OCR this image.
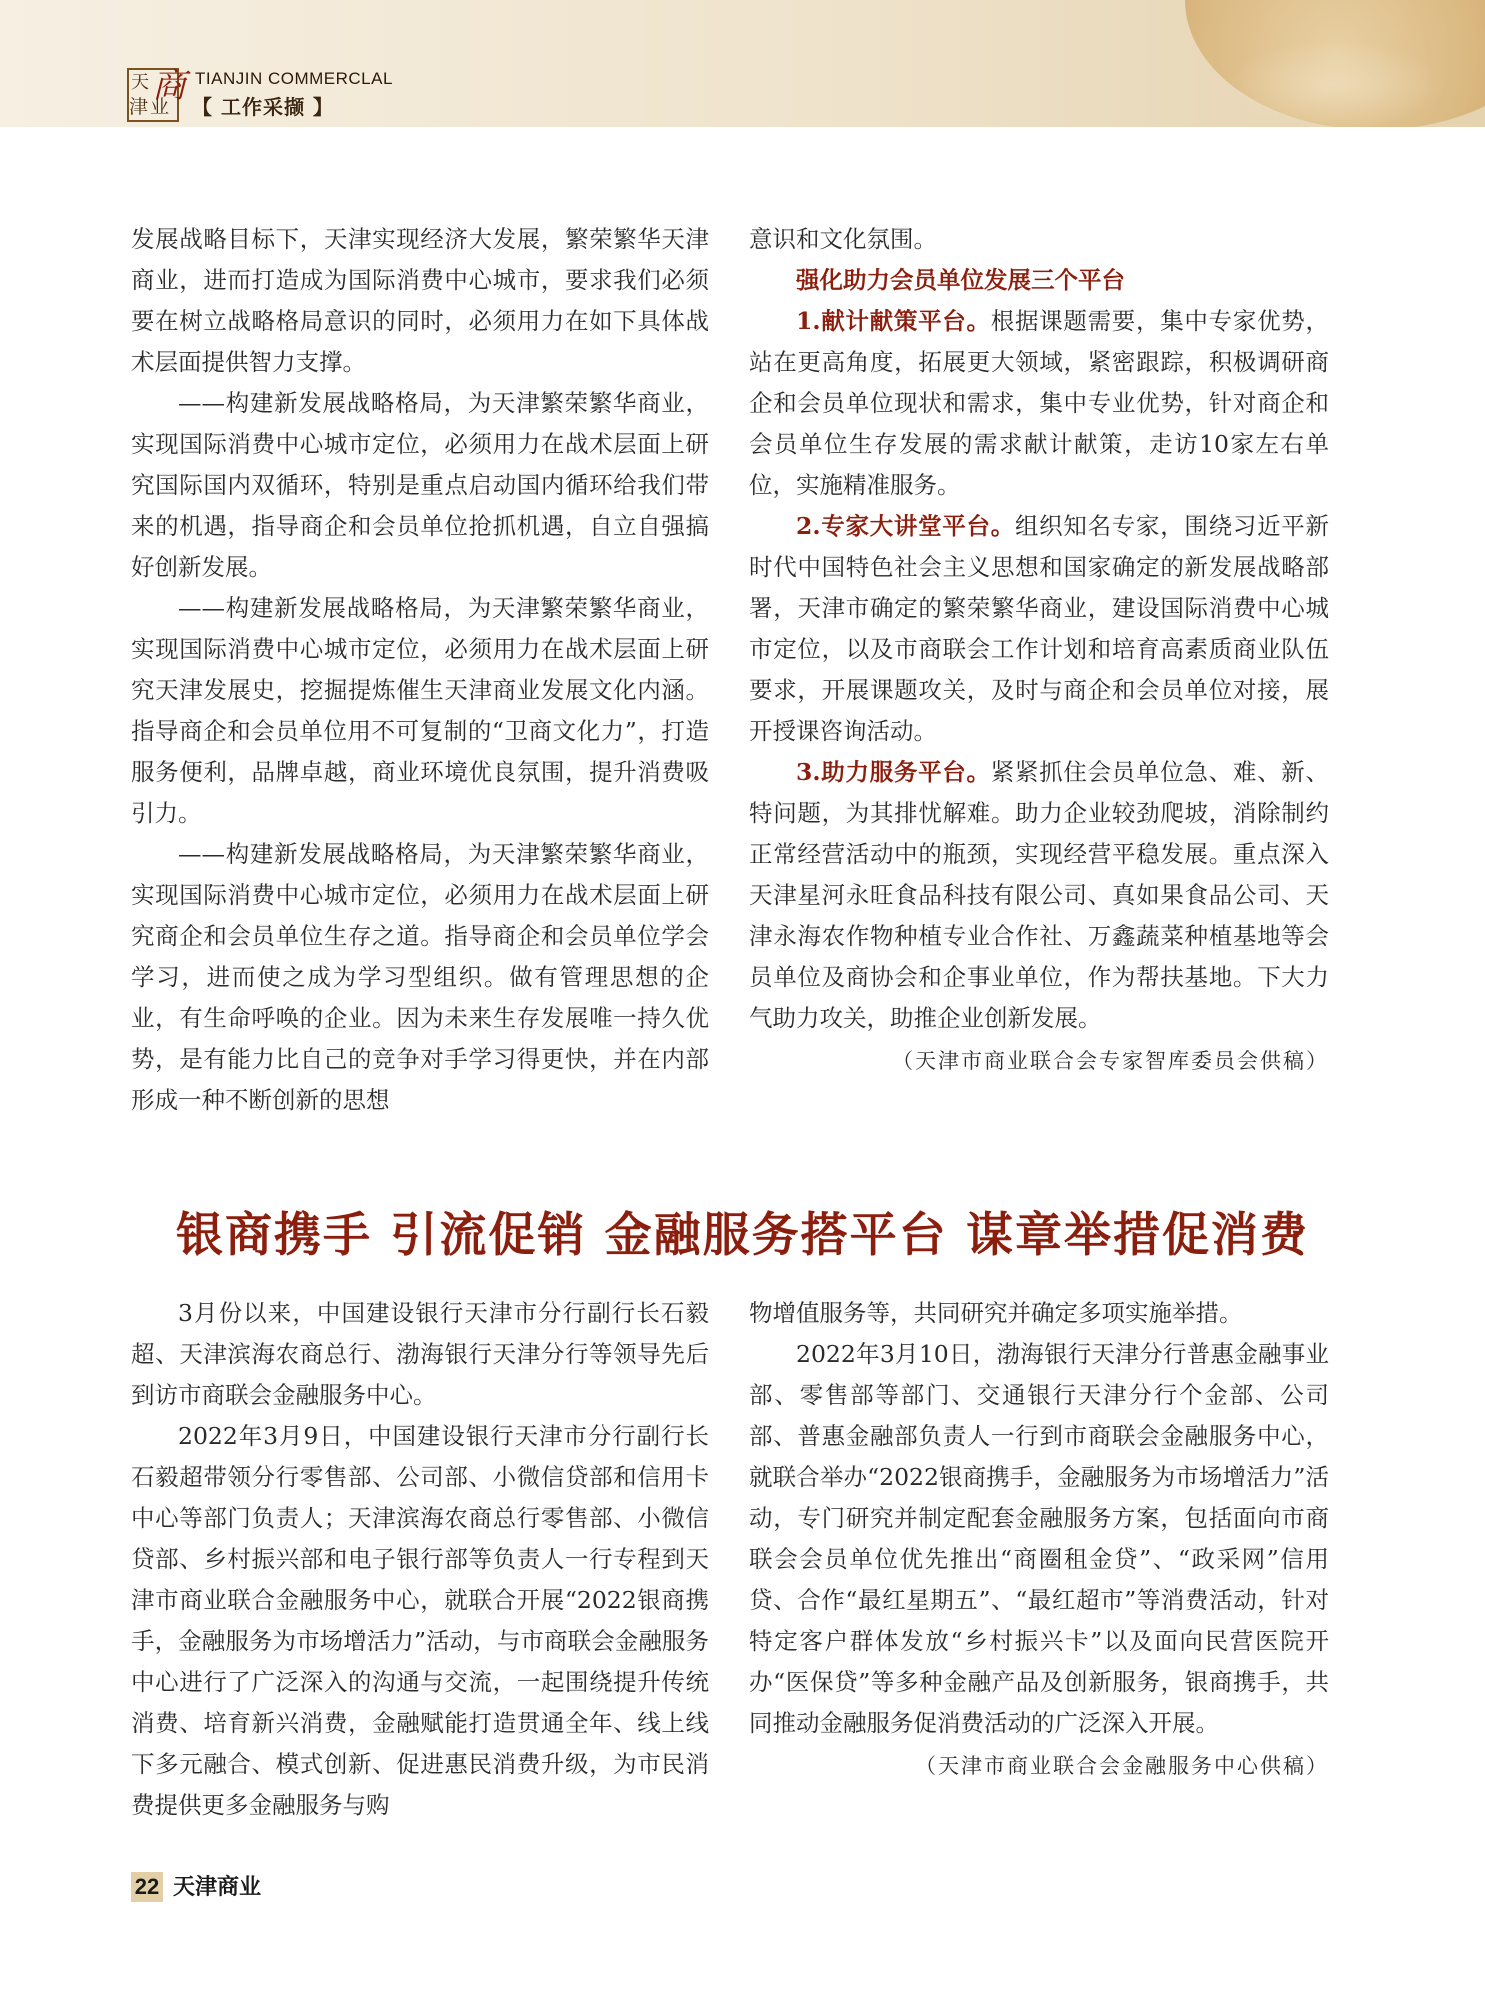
天 商
津业
TIANJIN COMMERCLAL
【 工作采撷 】

发展战略目标下，天津实现经济大发展，繁荣繁华天津商业，进而打造成为国际消费中心城市，要求我们必须要在树立战略格局意识的同时，必须用力在如下具体战术层面提供智力支撑。

——构建新发展战略格局，为天津繁荣繁华商业，实现国际消费中心城市定位，必须用力在战术层面上研究国际国内双循环，特别是重点启动国内循环给我们带来的机遇，指导商企和会员单位抢抓机遇，自立自强搞好创新发展。

——构建新发展战略格局，为天津繁荣繁华商业，实现国际消费中心城市定位，必须用力在战术层面上研究天津发展史，挖掘提炼催生天津商业发展文化内涵。指导商企和会员单位用不可复制的“卫商文化力”，打造服务便利，品牌卓越，商业环境优良氛围，提升消费吸引力。

——构建新发展战略格局，为天津繁荣繁华商业，实现国际消费中心城市定位，必须用力在战术层面上研究商企和会员单位生存之道。指导商企和会员单位学会学习，进而使之成为学习型组织。做有管理思想的企业，有生命呼唤的企业。因为未来生存发展唯一持久优势，是有能力比自己的竞争对手学习得更快，并在内部形成一种不断创新的思想

意识和文化氛围。

强化助力会员单位发展三个平台

1.献计献策平台。根据课题需要，集中专家优势，站在更高角度，拓展更大领域，紧密跟踪，积极调研商企和会员单位现状和需求，集中专业优势，针对商企和会员单位生存发展的需求献计献策，走访10家左右单位，实施精准服务。

2.专家大讲堂平台。组织知名专家，围绕习近平新时代中国特色社会主义思想和国家确定的新发展战略部署，天津市确定的繁荣繁华商业，建设国际消费中心城市定位，以及市商联会工作计划和培育高素质商业队伍要求，开展课题攻关，及时与商企和会员单位对接，展开授课咨询活动。

3.助力服务平台。紧紧抓住会员单位急、难、新、特问题，为其排忧解难。助力企业较劲爬坡，消除制约正常经营活动中的瓶颈，实现经营平稳发展。重点深入天津星河永旺食品科技有限公司、真如果食品公司、天津永海农作物种植专业合作社、万鑫蔬菜种植基地等会员单位及商协会和企事业单位，作为帮扶基地。下大力气助力攻关，助推企业创新发展。

（天津市商业联合会专家智库委员会供稿）

银商携手 引流促销 金融服务搭平台 谋章举措促消费

3月份以来，中国建设银行天津市分行副行长石毅超、天津滨海农商总行、渤海银行天津分行等领导先后到访市商联会金融服务中心。

2022年3月9日，中国建设银行天津市分行副行长石毅超带领分行零售部、公司部、小微信贷部和信用卡中心等部门负责人；天津滨海农商总行零售部、小微信贷部、乡村振兴部和电子银行部等负责人一行专程到天津市商业联合金融服务中心，就联合开展“2022银商携手，金融服务为市场增活力”活动，与市商联会金融服务中心进行了广泛深入的沟通与交流，一起围绕提升传统消费、培育新兴消费，金融赋能打造贯通全年、线上线下多元融合、模式创新、促进惠民消费升级，为市民消费提供更多金融服务与购

物增值服务等，共同研究并确定多项实施举措。

2022年3月10日，渤海银行天津分行普惠金融事业部、零售部等部门、交通银行天津分行个金部、公司部、普惠金融部负责人一行到市商联会金融服务中心，就联合举办“2022银商携手，金融服务为市场增活力”活动，专门研究并制定配套金融服务方案，包括面向市商联会会员单位优先推出“商圈租金贷”、“政采网”信用贷、合作“最红星期五”、“最红超市”等消费活动，针对特定客户群体发放“乡村振兴卡”以及面向民营医院开办“医保贷”等多种金融产品及创新服务，银商携手，共同推动金融服务促消费活动的广泛深入开展。

（天津市商业联合会金融服务中心供稿）

22 天津商业
